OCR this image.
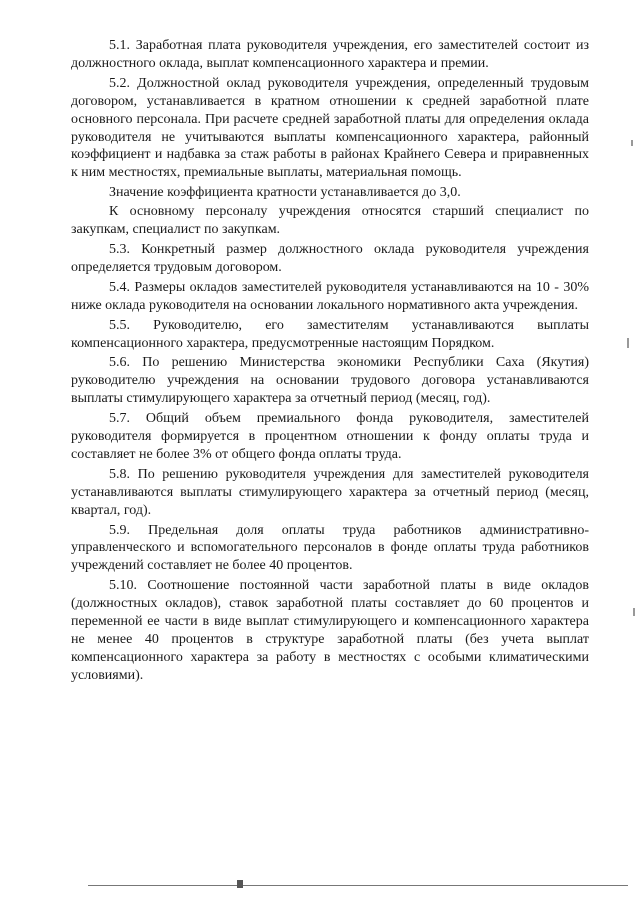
5.1. Заработная плата руководителя учреждения, его заместителей состоит из должностного оклада, выплат компенсационного характера и премии.

5.2. Должностной оклад руководителя учреждения, определенный трудовым договором, устанавливается в кратном отношении к средней заработной плате основного персонала. При расчете средней заработной платы для определения оклада руководителя не учитываются выплаты компенсационного характера, районный коэффициент и надбавка за стаж работы в районах Крайнего Севера и приравненных к ним местностях, премиальные выплаты, материальная помощь.

Значение коэффициента кратности устанавливается до 3,0.

К основному персоналу учреждения относятся старший специалист по закупкам, специалист по закупкам.

5.3. Конкретный размер должностного оклада руководителя учреждения определяется трудовым договором.

5.4. Размеры окладов заместителей руководителя устанавливаются на 10 - 30% ниже оклада руководителя на основании локального нормативного акта учреждения.

5.5. Руководителю, его заместителям устанавливаются выплаты компенсационного характера, предусмотренные настоящим Порядком.

5.6. По решению Министерства экономики Республики Саха (Якутия) руководителю учреждения на основании трудового договора устанавливаются выплаты стимулирующего характера за отчетный период (месяц, год).

5.7. Общий объем премиального фонда руководителя, заместителей руководителя формируется в процентном отношении к фонду оплаты труда и составляет не более 3% от общего фонда оплаты труда.

5.8. По решению руководителя учреждения для заместителей руководителя устанавливаются выплаты стимулирующего характера за отчетный период (месяц, квартал, год).

5.9. Предельная доля оплаты труда работников административно-управленческого и вспомогательного персоналов в фонде оплаты труда работников учреждений составляет не более 40 процентов.

5.10. Соотношение постоянной части заработной платы в виде окладов (должностных окладов), ставок заработной платы составляет до 60 процентов и переменной ее части в виде выплат стимулирующего и компенсационного характера не менее 40 процентов в структуре заработной платы (без учета выплат компенсационного характера за работу в местностях с особыми климатическими условиями).
